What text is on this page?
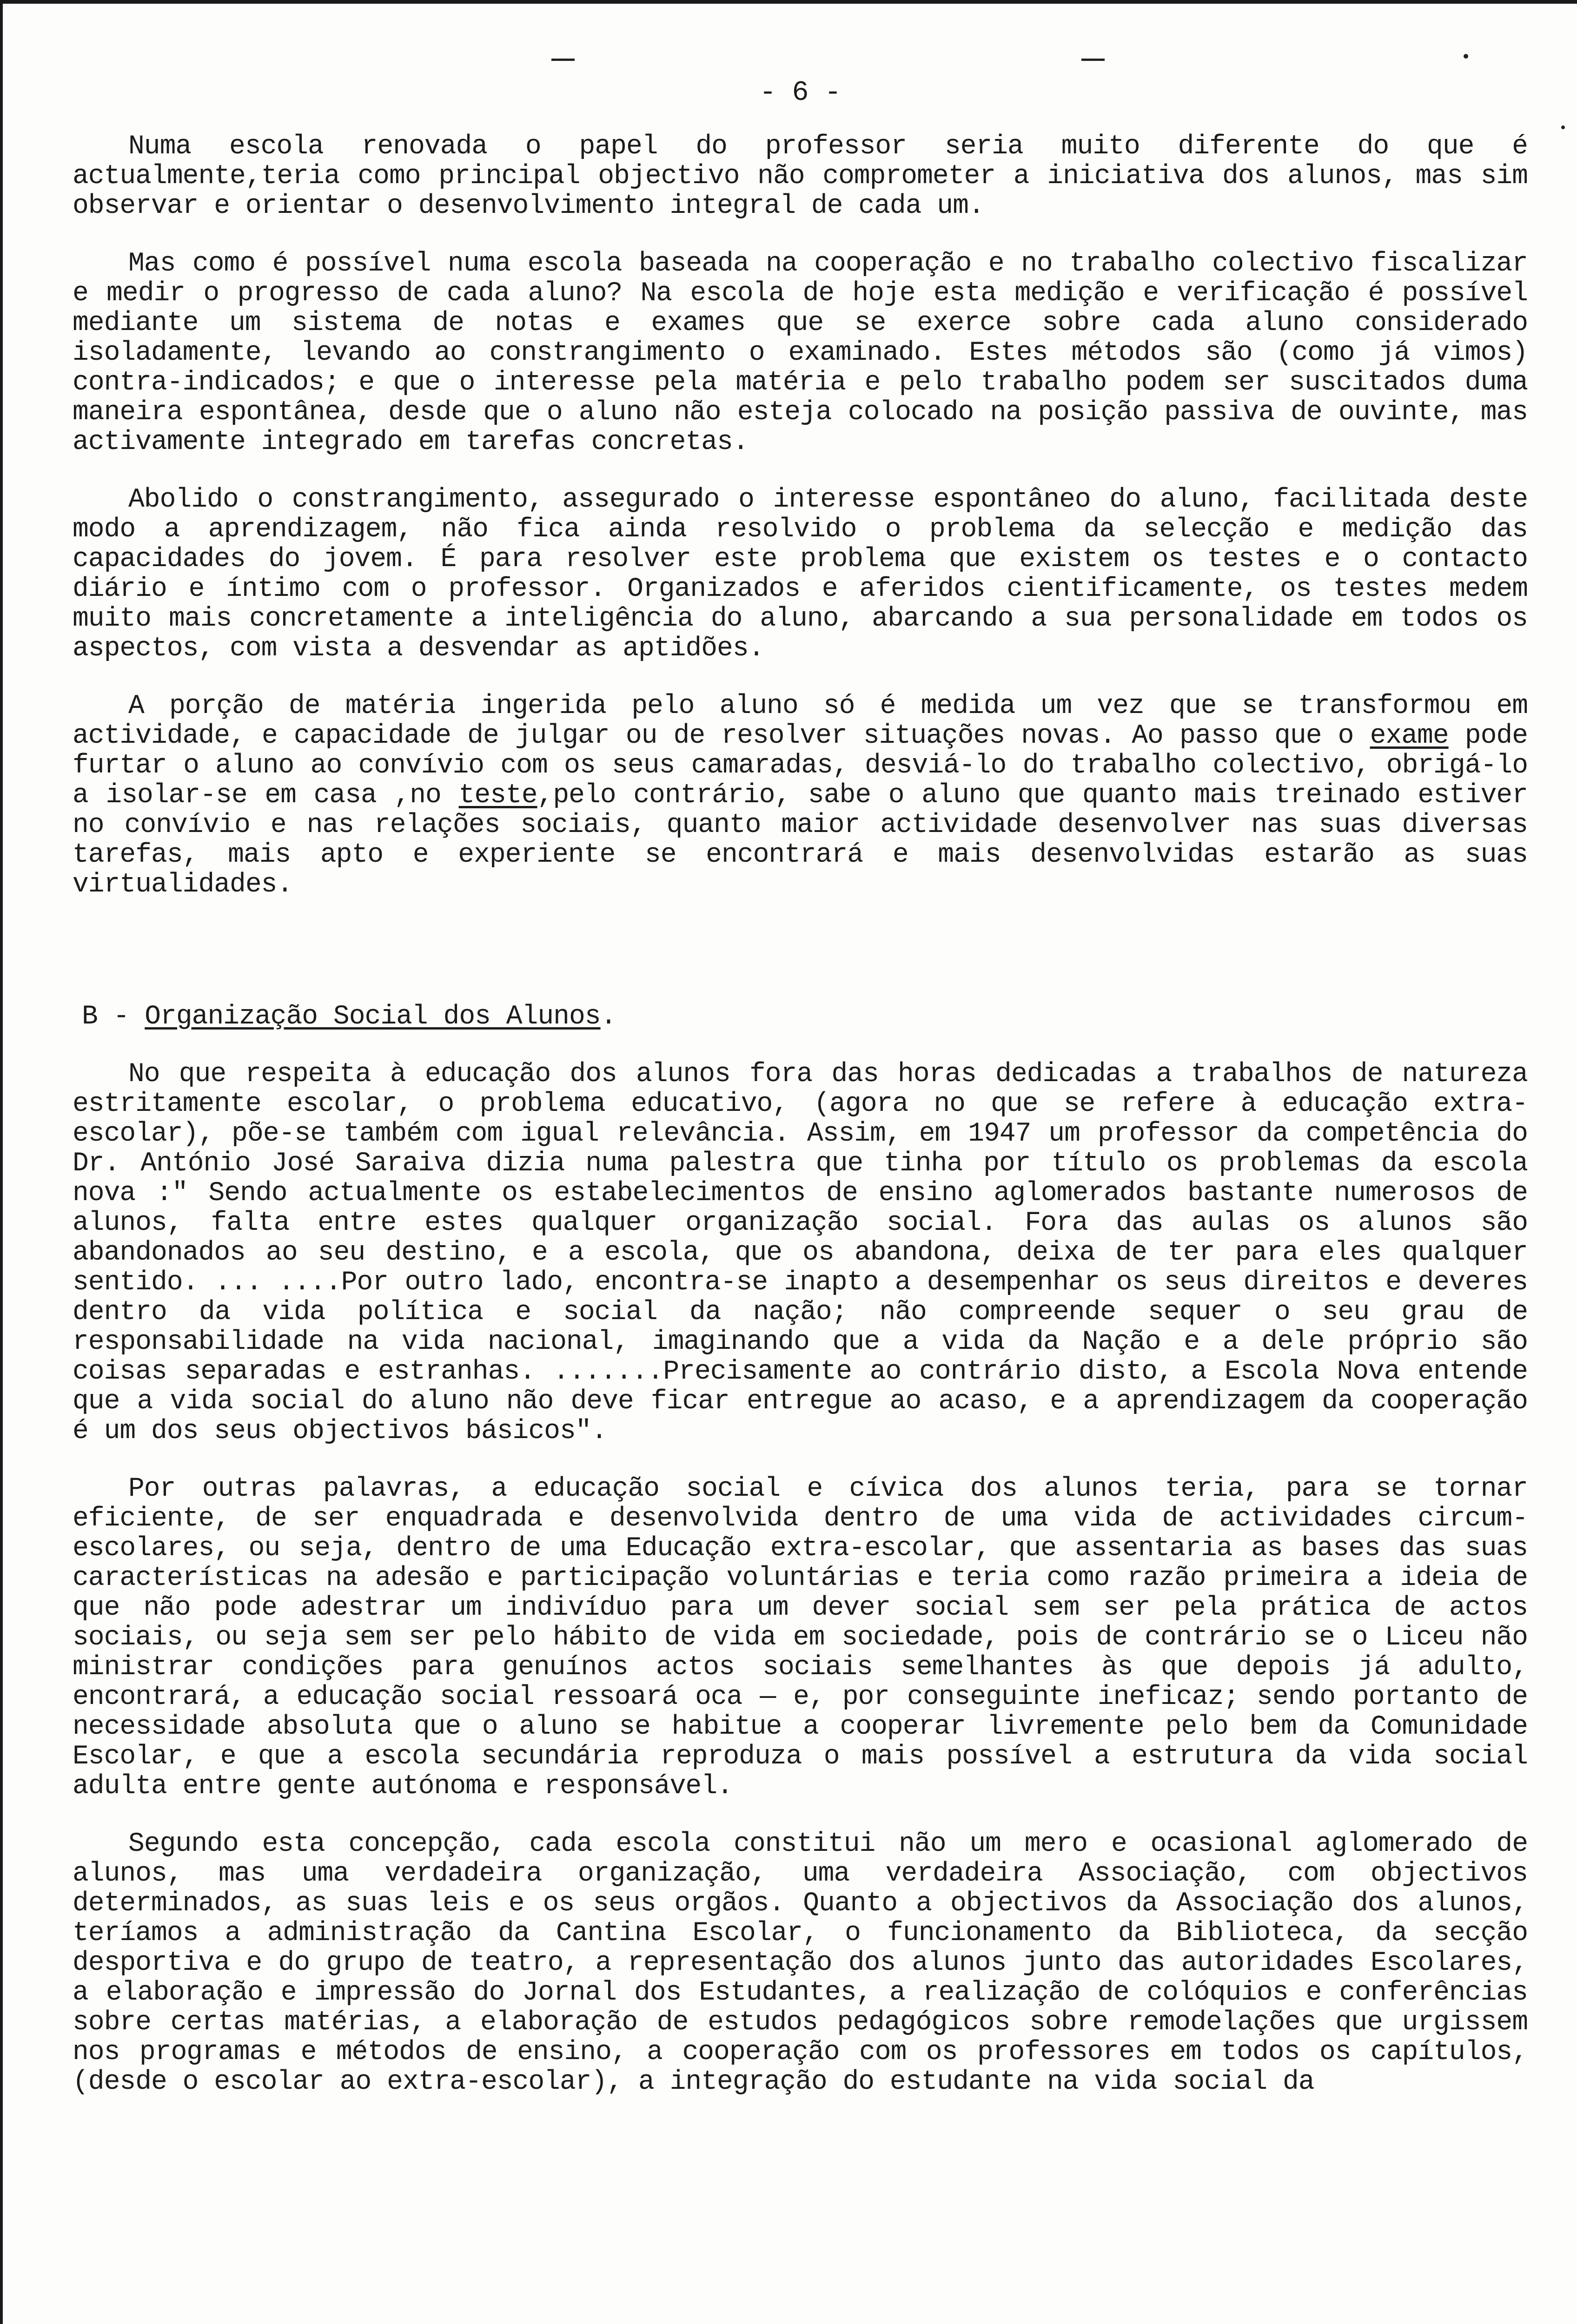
- 6 -

Numa escola renovada o papel do professor seria muito diferente do que é actualmente,teria como principal objectivo não comprometer a iniciativa dos alunos, mas sim observar e orientar o desenvolvimento integral de cada um.

Mas como é possível numa escola baseada na cooperação e no trabalho colectivo fiscalizar e medir o progresso de cada aluno? Na escola de hoje esta medição e verificação é possível mediante um sistema de notas e exames que se exerce sobre cada aluno considerado isoladamente, levando ao constrangimento o examinado. Estes métodos são (como já vimos) contra-indicados; e que o interesse pela matéria e pelo trabalho podem ser suscitados duma maneira espontânea, desde que o aluno não esteja colocado na posição passiva de ouvinte, mas activamente integrado em tarefas concretas.

Abolido o constrangimento, assegurado o interesse espontâneo do aluno, facilitada deste modo a aprendizagem, não fica ainda resolvido o problema da selecção e medição das capacidades do jovem. É para resolver este problema que existem os testes e o contacto diário e íntimo com o professor. Organizados e aferidos cientificamente, os testes medem muito mais concretamente a inteligência do aluno, abarcando a sua personalidade em todos os aspectos, com vista a desvendar as aptidões.

A porção de matéria ingerida pelo aluno só é medida um vez que se transformou em actividade, e capacidade de julgar ou de resolver situações novas. Ao passo que o exame pode furtar o aluno ao convívio com os seus camaradas, desviá-lo do trabalho colectivo, obrigá-lo a isolar-se em casa ,no teste,pelo contrário, sabe o aluno que quanto mais treinado estiver no convívio e nas relações sociais, quanto maior actividade desenvolver nas suas diversas tarefas, mais apto e experiente se encontrará e mais desenvolvidas estarão as suas virtualidades.

B - Organização Social dos Alunos.

No que respeita à educação dos alunos fora das horas dedicadas a trabalhos de natureza estritamente escolar, o problema educativo, (agora no que se refere à educação extra-escolar), põe-se também com igual relevância. Assim, em 1947 um professor da competência do Dr. António José Saraiva dizia numa palestra que tinha por título os problemas da escola nova :" Sendo actualmente os estabelecimentos de ensino aglomerados bastante numerosos de alunos, falta entre estes qualquer organização social. Fora das aulas os alunos são abandonados ao seu destino, e a escola, que os abandona, deixa de ter para eles qualquer sentido. ... ....Por outro lado, encontra-se inapto a desempenhar os seus direitos e deveres dentro da vida política e social da nação; não compreende sequer o seu grau de responsabilidade na vida nacional, imaginando que a vida da Nação e a dele próprio são coisas separadas e estranhas. .......Precisamente ao contrário disto, a Escola Nova entende que a vida social do aluno não deve ficar entregue ao acaso, e a aprendizagem da cooperação é um dos seus objectivos básicos".

Por outras palavras, a educação social e cívica dos alunos teria, para se tornar eficiente, de ser enquadrada e desenvolvida dentro de uma vida de actividades circum-escolares, ou seja, dentro de uma Educação extra-escolar, que assentaria as bases das suas características na adesão e participação voluntárias e teria como razão primeira a ideia de que não pode adestrar um indivíduo para um dever social sem ser pela prática de actos sociais, ou seja sem ser pelo hábito de vida em sociedade, pois de contrário se o Liceu não ministrar condições para genuínos actos sociais semelhantes às que depois já adulto, encontrará, a educação social ressoará oca — e, por conseguinte ineficaz; sendo portanto de necessidade absoluta que o aluno se habitue a cooperar livremente pelo bem da Comunidade Escolar, e que a escola secundária reproduza o mais possível a estrutura da vida social adulta entre gente autónoma e responsável.

Segundo esta concepção, cada escola constitui não um mero e ocasional aglomerado de alunos, mas uma verdadeira organização, uma verdadeira Associação, com objectivos determinados, as suas leis e os seus orgãos. Quanto a objectivos da Associação dos alunos, teríamos a administração da Cantina Escolar, o funcionamento da Biblioteca, da secção desportiva e do grupo de teatro, a representação dos alunos junto das autoridades Escolares, a elaboração e impressão do Jornal dos Estudantes, a realização de colóquios e conferências sobre certas matérias, a elaboração de estudos pedagógicos sobre remodelações que urgissem nos programas e métodos de ensino, a cooperação com os professores em todos os capítulos, (desde o escolar ao extra-escolar), a integração do estudante na vida social da
